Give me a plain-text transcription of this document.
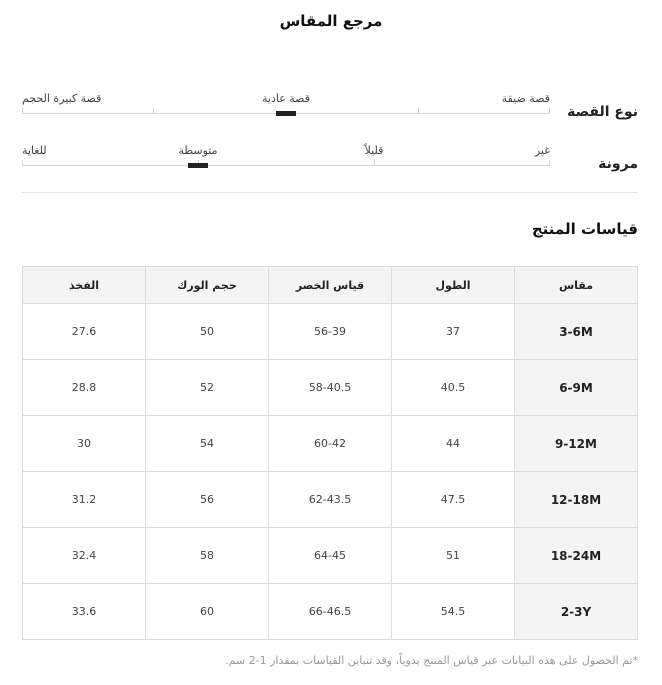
مرجع المقاس
نوع القصة
قصة ضيقة
قصة عادية
قصة كبيرة الحجم
مرونة
غير
قليلاً
متوسطة
للغاية
قياسات المنتج
مقاس	الطول	قياس الخصر	حجم الورك	الفخذ
3-6M	37	56-39	50	27.6
6-9M	40.5	58-40.5	52	28.8
9-12M	44	60-42	54	30
12-18M	47.5	62-43.5	56	31.2
18-24M	51	64-45	58	32.4
2-3Y	54.5	66-46.5	60	33.6
*تم الحصول على هذه البيانات عبر قياس المنتج يدوياً، وقد تتباين القياسات بمقدار 1-2 سم.
